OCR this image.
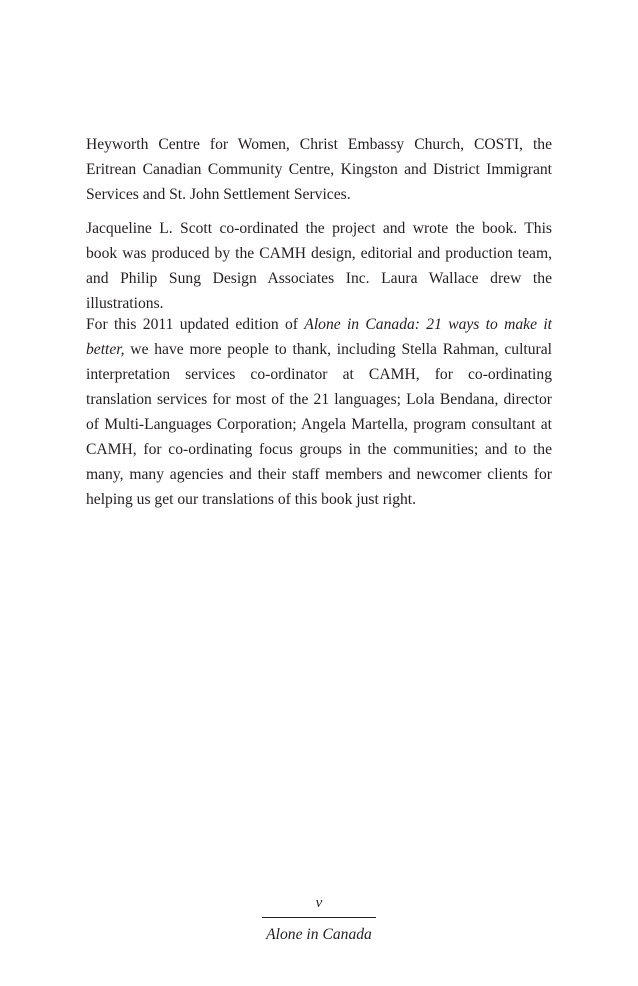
Heyworth Centre for Women, Christ Embassy Church, COSTI, the Eritrean Canadian Community Centre, Kingston and District Immigrant Services and St. John Settlement Services.

Jacqueline L. Scott co-ordinated the project and wrote the book. This book was produced by the CAMH design, editorial and production team, and Philip Sung Design Associates Inc. Laura Wallace drew the illustrations.

For this 2011 updated edition of Alone in Canada: 21 ways to make it better, we have more people to thank, including Stella Rahman, cultural interpretation services co-ordinator at CAMH, for co-ordinating translation services for most of the 21 languages; Lola Bendana, director of Multi-Languages Corporation; Angela Martella, program consultant at CAMH, for co-ordinating focus groups in the communities; and to the many, many agencies and their staff members and newcomer clients for helping us get our translations of this book just right.

v
Alone in Canada
